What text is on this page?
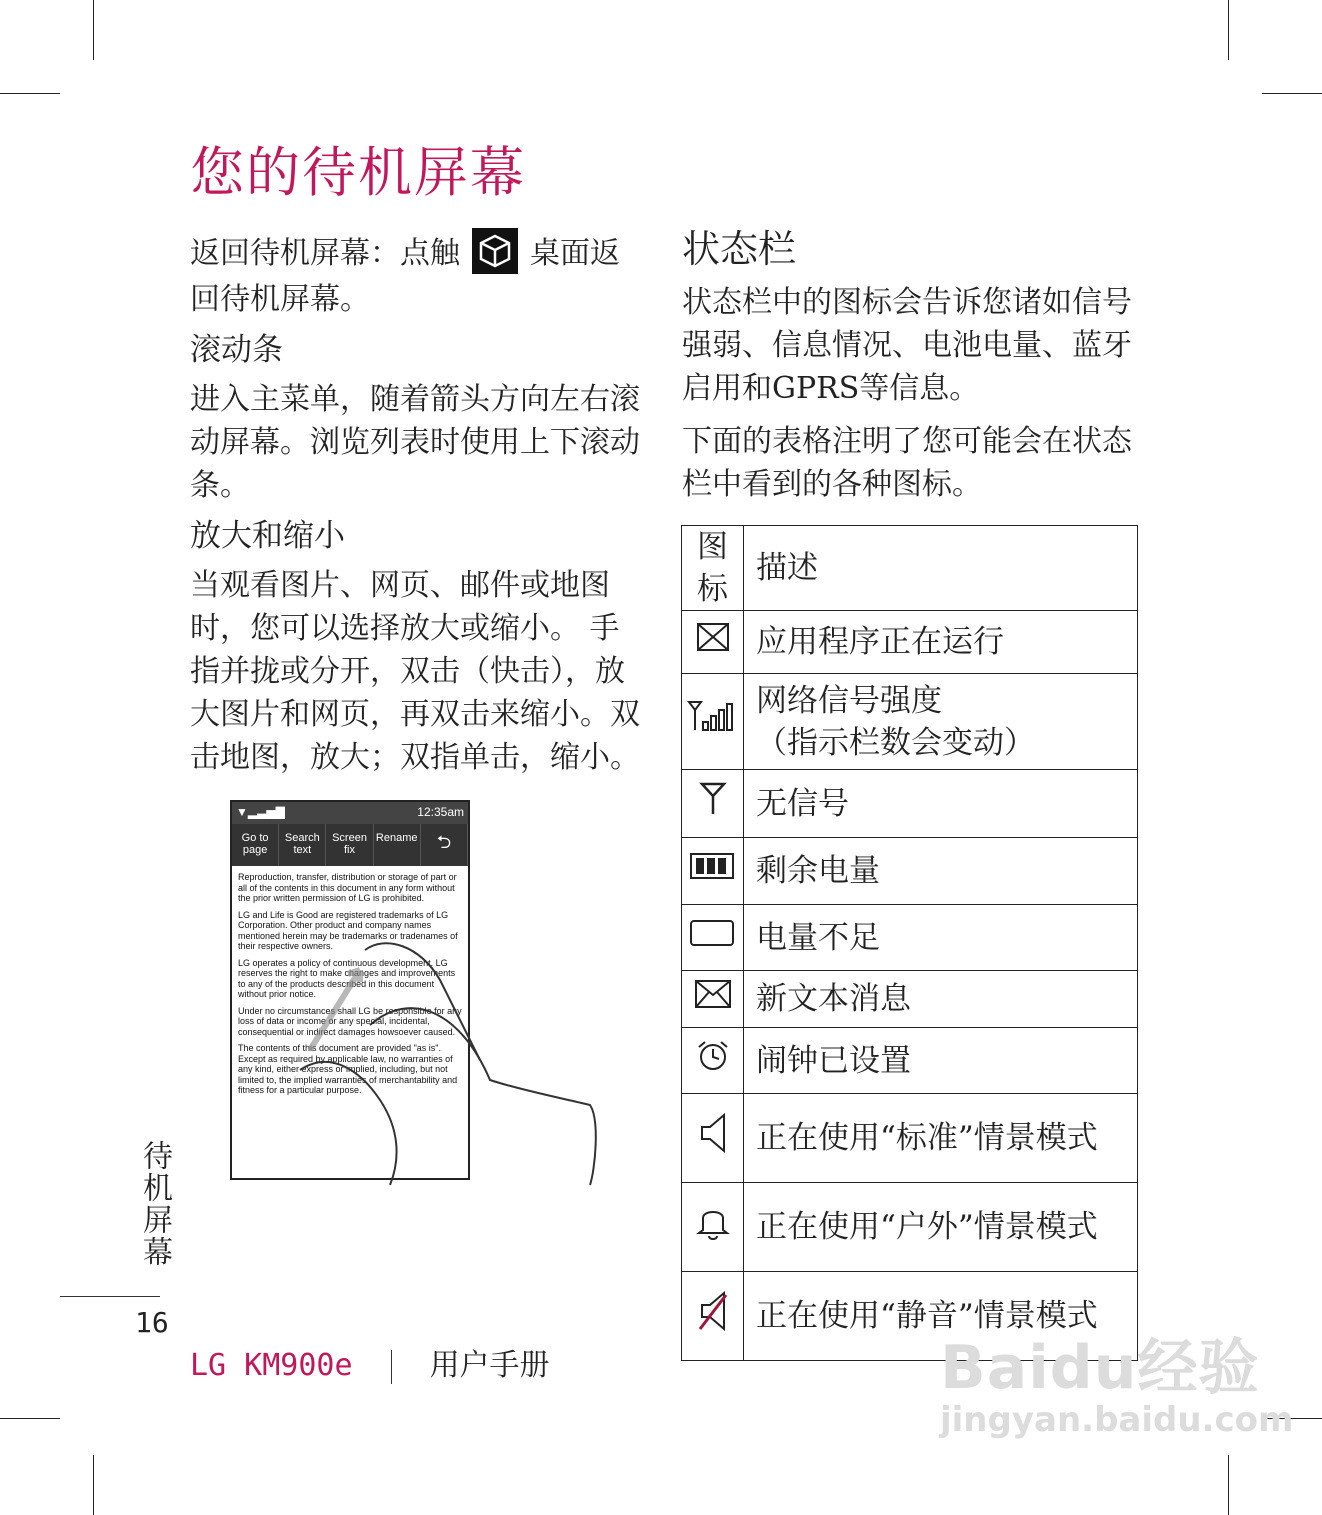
您的待机屏幕

返回待机屏幕：点触 桌面返回待机屏幕。

滚动条

进入主菜单，随着箭头方向左右滚动屏幕。浏览列表时使用上下滚动条。

放大和缩小

当观看图片、网页、邮件或地图时，您可以选择放大或缩小。 手指并拢或分开，双击（快击），放大图片和网页，再双击来缩小。双击地图，放大；双指单击，缩小。

▼▂▃▅▇	12:35am
Go to page
Search text
Screen fix
Rename	⮌

Reproduction, transfer, distribution or storage of part or all of the contents in this document in any form without the prior written permission of LG is prohibited.

LG and Life is Good are registered trademarks of LG Corporation. Other product and company names mentioned herein may be trademarks or tradenames of their respective owners.

LG operates a policy of continuous development. LG reserves the right to make changes and improvements to any of the products described in this document without prior notice.

Under no circumstances shall LG be responsible for any loss of data or income or any special, incidental, consequential or indirect damages howsoever caused.

The contents of this document are provided "as is". Except as required by applicable law, no warranties of any kind, either express or implied, including, but not limited to, the implied warranties of merchantability and fitness for a particular purpose.

状态栏

状态栏中的图标会告诉您诸如信号强弱、信息情况、电池电量、蓝牙启用和GPRS等信息。

下面的表格注明了您可能会在状态栏中看到的各种图标。

图标	描述
	应用程序正在运行

网络信号强度
（指示栏数会变动）

	无信号
	剩余电量
	电量不足
	新文本消息
	闹钟已设置
	正在使用“标准”情景模式
	正在使用“户外”情景模式
	正在使用“静音”情景模式
待机屏幕
16
LG KM900e	用户手册	Baidu经验
jingyan.baidu.com
